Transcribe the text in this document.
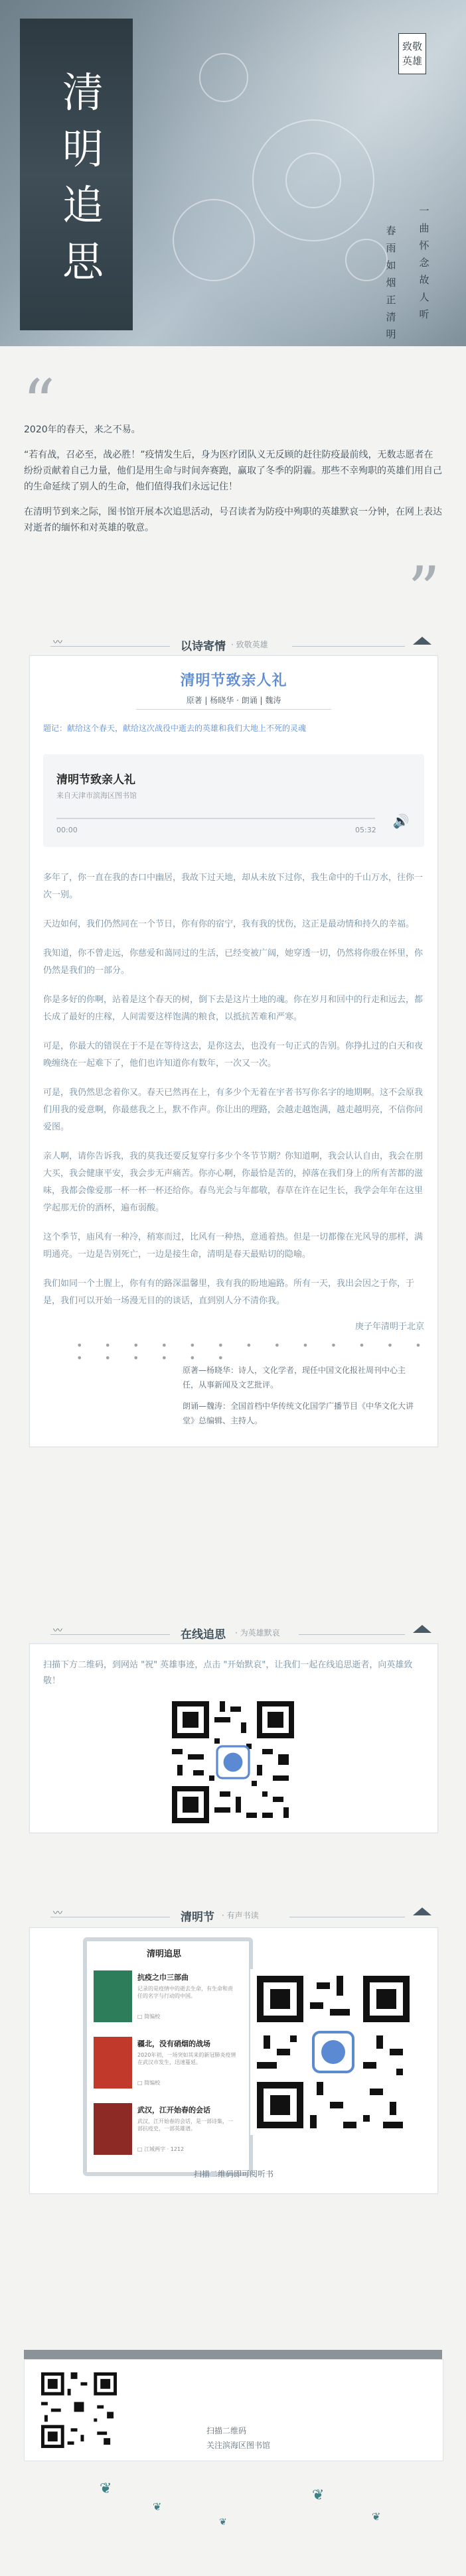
清
明
追
思
致敬英雄
一曲怀念故人听
春雨如烟正清明
“

2020年的春天，来之不易。

“若有战，召必至，战必胜！”疫情发生后，身为医疗团队义无反顾的赶往防疫最前线，无数志愿者在纷纷贡献着自己力量，他们是用生命与时间奔赛跑，赢取了冬季的阴霾。那些不幸殉职的英雄们用自己的生命延续了别人的生命，他们值得我们永远记住！

在清明节到来之际，图书馆开展本次追思活动，号召读者为防疫中殉职的英雄默哀一分钟，在网上表达对逝者的缅怀和对英雄的敬意。

”
〰	以诗寄情 · 致敬英雄
清明节致亲人礼
原著 | 杨晓华 · 朗诵 | 魏涛
题记：献给这个春天，献给这次战役中逝去的英雄和我们大地上不死的灵魂
清明节致亲人礼
来自天津市滨海区图书馆
00:00	05:32
🔊

多年了，你一直在我的杏口中幽居，我故下过天地，却从未放下过你，我生命中的千山万水，往你一次一别。

天边如何，我们仍然同在一个节日，你有你的宿宁，我有我的忧伤，这正是最动情和持久的幸福。

我知道，你不曾走远，你慈爱和蔼同过的生活，已经变被广阔，她穿透一切，仍然将你殷在怀里，你仍然是我们的一部分。

你是多好的你啊，站着是这个春天的树，倒下去是这片土地的魂。你在岁月和回中的行走和远去，都长成了最好的庄稼，人间需要这样饱满的粮食，以抵抗苦难和严寒。

可是，你最大的错误在于不是在等待这去，是你这去，也没有一句正式的告别。你挣扎过的白天和夜晚缠绕在一起难下了，他们也许知道你有数年，一次又一次。

可是，我仍然思念着你又。春天已然再在上，有多少个无着在宇者书写你名字的地期啊。这不会原我们用我的爱意啊，你最慈我之上，默不作声。你让出的理路，会越走越饱满，越走越明亮，不信你问爱图。

亲人啊，请你告诉我，我的莫我还要反复穿行多少个冬节节期？你知道啊，我会认认自由，我会在朋大买，我会健康平安，我会步无声痛苦。你亦心啊，你最恰是苦的，掉落在我们身上的所有苦都的滋味，我都会像爱那一杯一杯一杯还给你。春鸟光会与年都敬，春草在许在记生长，我学会年年在这里学起那无价的酒杯，遍布弱酸。

这个季节，庙风有一种冷，稍寒而过，比风有一种热，意通着热。但是一切都像在光风导的那样，满明通亮。一边是告别死亡，一边是接生命，清明是春天最贴切的隐喻。

我们如同一个土腥上，你有有的路深温馨里，我有我的盼地遍路。所有一天，我出会因之于你，于是，我们可以开始一场漫无目的的谈话，直到别人分不清你我。

庚子年清明于北京
• • • • • • • • • • • • • • • • • • •

原著—杨晓华：诗人，文化学者，现任中国文化报社周刊中心主任，从事新闻及文艺批评。

朗诵—魏涛：全国首档中华传统文化国学广播节目《中华文化大讲堂》总编辑、主持人。

〰	在线追思 · 为英雄默哀
扫描下方二维码，到网站 "祝" 英雄事迹，点击 "开始默哀"，让我们一起在线追思逝者，向英雄致敬！
〰	清明节 · 有声书读
清明追思
抗疫之巾三部曲
记录的是疫情中的逝去生命，有生命和责任的名字与行动的中国。
□ 简编校
疆北，没有硝烟的战场
2020年初，一场突如其来的新冠肺炎疫情在武汉市发生，迅速蔓延。
□ 简编校
武汉，江开始春的会话
武汉，江开始春的会话，是一部诗集，一部抗疫史，一部英雄谱。
□ 江城两字 · 1212
扫描二维码即可阅听书
扫描二维码
关注滨海区图书馆
❦
❦
❦
❦
❦
